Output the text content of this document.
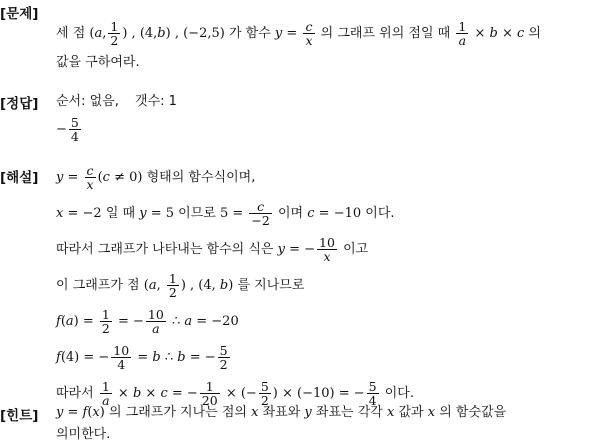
[문제]
세 점 (a, $\frac{1}{2}$ ) , (4,b) , (−2,5) 가 함수 $y = \frac{c}{x}$ 의 그래프 위의 점일 때 $\frac{1}{a} \times b \times c$ 의
값을 구하여라.
[정답] 순서: 없음, 갯수: 1
− $\frac{5}{4}$
[해설] $y = \frac{c}{x} (c \ne 0)$ 형태의 함수식이며,
x = −2 일 때 y = 5 이므로 $5 = \frac{c}{-2}$ 이며 c = −10 이다.
따라서 그래프가 나타내는 함수의 식은 y = − $\frac{10}{x}$ 이고
이 그래프가 점 (a, $\frac{1}{2}$ ) , (4, b) 를 지나므로
$f(a) = \frac{1}{2}$ = − $\frac{10}{a}$ ∴ a = −20
f(4) = − $\frac{10}{4} = b$ ∴ b = − $\frac{5}{2}$
따라서 $\frac{1}{a} \times b \times c$ = − $\frac{1}{20}$ × (− $\frac{5}{2}$ ) × (−10) = − $\frac{5}{4}$ 이다.
[힌트] y = f(x) 의 그래프가 지나는 점의 x 좌표와 y 좌표는 각각 x 값과 x 의 함숫값을
의미한다.
